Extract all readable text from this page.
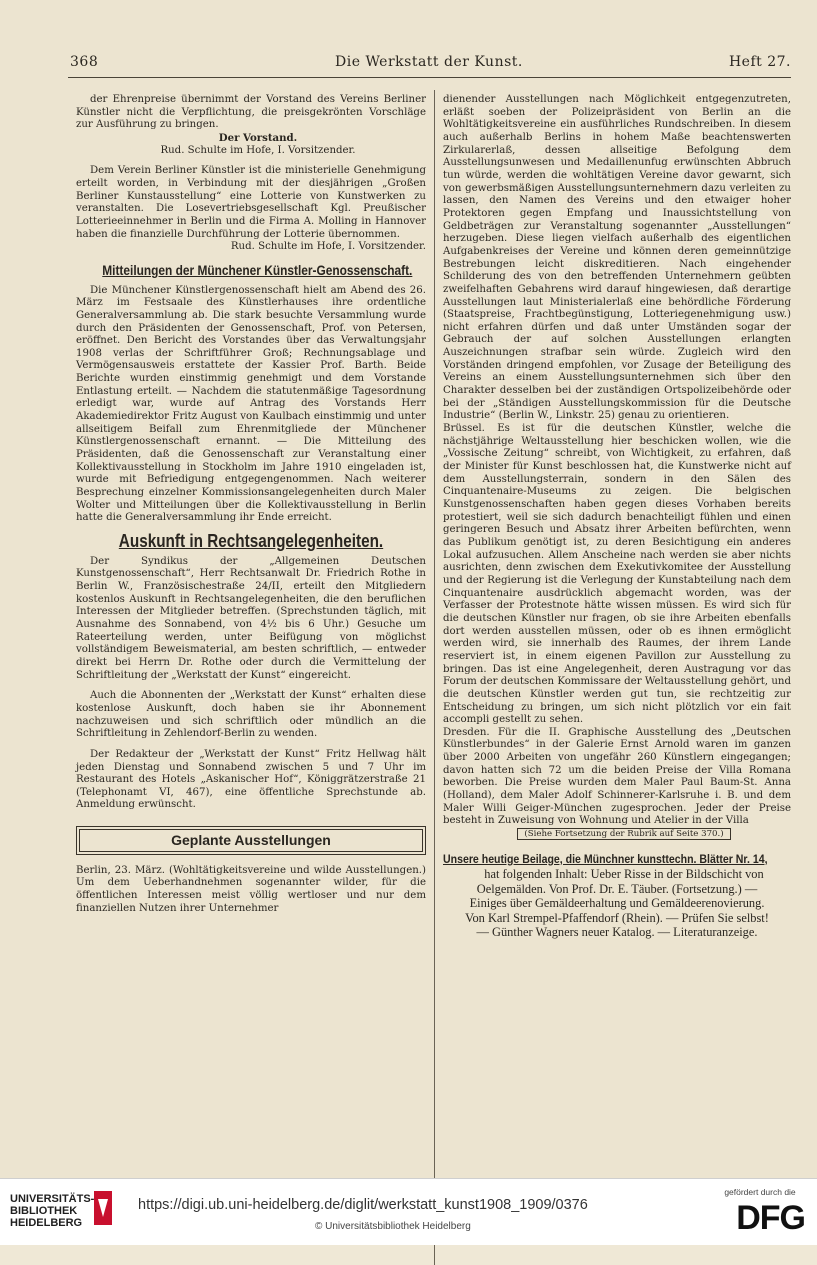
368	Die Werkstatt der Kunst.	Heft 27.

der Ehrenpreise übernimmt der Vorstand des Vereins Berliner Künstler nicht die Verpflichtung, die preisgekrönten Vorschläge zur Ausführung zu bringen.

Der Vorstand.

Rud. Schulte im Hofe, I. Vorsitzender.

Dem Verein Berliner Künstler ist die ministerielle Genehmigung erteilt worden, in Verbindung mit der diesjährigen „Großen Berliner Kunstausstellung“ eine Lotterie von Kunstwerken zu veranstalten. Die Losevertriebsgesellschaft Kgl. Preußischer Lotterieeinnehmer in Berlin und die Firma A. Molling in Hannover haben die finanzielle Durchführung der Lotterie übernommen.

Rud. Schulte im Hofe, I. Vorsitzender.

Mitteilungen der Münchener Künstler-Genossenschaft.

Die Münchener Künstlergenossenschaft hielt am Abend des 26. März im Festsaale des Künstlerhauses ihre ordentliche Generalversammlung ab. Die stark besuchte Versammlung wurde durch den Präsidenten der Genossenschaft, Prof. von Petersen, eröffnet. Den Bericht des Vorstandes über das Verwaltungsjahr 1908 verlas der Schriftführer Groß; Rechnungsablage und Vermögensausweis erstattete der Kassier Prof. Barth. Beide Berichte wurden einstimmig genehmigt und dem Vorstande Entlastung erteilt. — Nachdem die statutenmäßige Tagesordnung erledigt war, wurde auf Antrag des Vorstands Herr Akademiedirektor Fritz August von Kaulbach einstimmig und unter allseitigem Beifall zum Ehrenmitgliede der Münchener Künstlergenossenschaft ernannt. — Die Mitteilung des Präsidenten, daß die Genossenschaft zur Veranstaltung einer Kollektivausstellung in Stockholm im Jahre 1910 eingeladen ist, wurde mit Befriedigung entgegengenommen. Nach weiterer Besprechung einzelner Kommissionsangelegenheiten durch Maler Wolter und Mitteilungen über die Kollektivausstellung in Berlin hatte die Generalversammlung ihr Ende erreicht.

Auskunft in Rechtsangelegenheiten.

Der Syndikus der „Allgemeinen Deutschen Kunstgenossenschaft“, Herr Rechtsanwalt Dr. Friedrich Rothe in Berlin W., Französischestraße 24/II, erteilt den Mitgliedern kostenlos Auskunft in Rechtsangelegenheiten, die den beruflichen Interessen der Mitglieder betreffen. (Sprechstunden täglich, mit Ausnahme des Sonnabend, von 4½ bis 6 Uhr.) Gesuche um Rateerteilung werden, unter Beifügung von möglichst vollständigem Beweismaterial, am besten schriftlich, — entweder direkt bei Herrn Dr. Rothe oder durch die Vermittelung der Schriftleitung der „Werkstatt der Kunst“ eingereicht.

Auch die Abonnenten der „Werkstatt der Kunst“ erhalten diese kostenlose Auskunft, doch haben sie ihr Abonnement nachzuweisen und sich schriftlich oder mündlich an die Schriftleitung in Zehlendorf-Berlin zu wenden.

Der Redakteur der „Werkstatt der Kunst“ Fritz Hellwag hält jeden Dienstag und Sonnabend zwischen 5 und 7 Uhr im Restaurant des Hotels „Askanischer Hof“, Königgrätzerstraße 21 (Telephonamt VI, 467), eine öffentliche Sprechstunde ab. Anmeldung erwünscht.

Geplante Ausstellungen

Berlin, 23. März. (Wohltätigkeitsvereine und wilde Ausstellungen.) Um dem Ueberhandnehmen sogenannter wilder, für die öffentlichen Interessen meist völlig wertloser und nur dem finanziellen Nutzen ihrer Unternehmer

dienender Ausstellungen nach Möglichkeit entgegenzutreten, erläßt soeben der Polizeipräsident von Berlin an die Wohltätigkeitsvereine ein ausführliches Rundschreiben. In diesem auch außerhalb Berlins in hohem Maße beachtenswerten Zirkularerlaß, dessen allseitige Befolgung dem Ausstellungsunwesen und Medaillenunfug erwünschten Abbruch tun würde, werden die wohltätigen Vereine davor gewarnt, sich von gewerbsmäßigen Ausstellungsunternehmern dazu verleiten zu lassen, den Namen des Vereins und den etwaiger hoher Protektoren gegen Empfang und Inaussichtstellung von Geldbeträgen zur Veranstaltung sogenannter „Ausstellungen“ herzugeben. Diese liegen vielfach außerhalb des eigentlichen Aufgabenkreises der Vereine und können deren gemeinnützige Bestrebungen leicht diskreditieren. Nach eingehender Schilderung des von den betreffenden Unternehmern geübten zweifelhaften Gebahrens wird darauf hingewiesen, daß derartige Ausstellungen laut Ministerialerlaß eine behördliche Förderung (Staatspreise, Frachtbegünstigung, Lotteriegenehmigung usw.) nicht erfahren dürfen und daß unter Umständen sogar der Gebrauch der auf solchen Ausstellungen erlangten Auszeichnungen strafbar sein würde. Zugleich wird den Vorständen dringend empfohlen, vor Zusage der Beteiligung des Vereins an einem Ausstellungsunternehmen sich über den Charakter desselben bei der zuständigen Ortspolizeibehörde oder bei der „Ständigen Ausstellungskommission für die Deutsche Industrie“ (Berlin W., Linkstr. 25) genau zu orientieren.

Brüssel. Es ist für die deutschen Künstler, welche die nächstjährige Weltausstellung hier beschicken wollen, wie die „Vossische Zeitung“ schreibt, von Wichtigkeit, zu erfahren, daß der Minister für Kunst beschlossen hat, die Kunstwerke nicht auf dem Ausstellungsterrain, sondern in den Sälen des Cinquantenaire-Museums zu zeigen. Die belgischen Kunstgenossenschaften haben gegen dieses Vorhaben bereits protestiert, weil sie sich dadurch benachteiligt fühlen und einen geringeren Besuch und Absatz ihrer Arbeiten befürchten, wenn das Publikum genötigt ist, zu deren Besichtigung ein anderes Lokal aufzusuchen. Allem Anscheine nach werden sie aber nichts ausrichten, denn zwischen dem Exekutivkomitee der Ausstellung und der Regierung ist die Verlegung der Kunstabteilung nach dem Cinquantenaire ausdrücklich abgemacht worden, was der Verfasser der Protestnote hätte wissen müssen. Es wird sich für die deutschen Künstler nur fragen, ob sie ihre Arbeiten ebenfalls dort werden ausstellen müssen, oder ob es ihnen ermöglicht werden wird, sie innerhalb des Raumes, der ihrem Lande reserviert ist, in einem eigenen Pavillon zur Ausstellung zu bringen. Das ist eine Angelegenheit, deren Austragung vor das Forum der deutschen Kommissare der Weltausstellung gehört, und die deutschen Künstler werden gut tun, sie rechtzeitig zur Entscheidung zu bringen, um sich nicht plötzlich vor ein fait accompli gestellt zu sehen.

Dresden. Für die II. Graphische Ausstellung des „Deutschen Künstlerbundes“ in der Galerie Ernst Arnold waren im ganzen über 2000 Arbeiten von ungefähr 260 Künstlern eingegangen; davon hatten sich 72 um die beiden Preise der Villa Romana beworben. Die Preise wurden dem Maler Paul Baum-St. Anna (Holland), dem Maler Adolf Schinnerer-Karlsruhe i. B. und dem Maler Willi Geiger-München zugesprochen. Jeder der Preise besteht in Zuweisung von Wohnung und Atelier in der Villa

(Siehe Fortsetzung der Rubrik auf Seite 370.)

Unsere heutige Beilage, die Münchner kunsttechn. Blätter Nr. 14,

hat folgenden Inhalt: Ueber Risse in der Bildschicht von Oelgemälden. Von Prof. Dr. E. Täuber. (Fortsetzung.) — Einiges über Gemäldeerhaltung und Gemäldeerenovierung. Von Karl Strempel-Pfaffendorf (Rhein). — Prüfen Sie selbst! — Günther Wagners neuer Katalog. — Literaturanzeige.

UNIVERSITÄTS-
BIBLIOTHEK
HEIDELBERG
https://digi.ub.uni-heidelberg.de/diglit/werkstatt_kunst1908_1909/0376
© Universitätsbibliothek Heidelberg
gefördert durch die
DFG
